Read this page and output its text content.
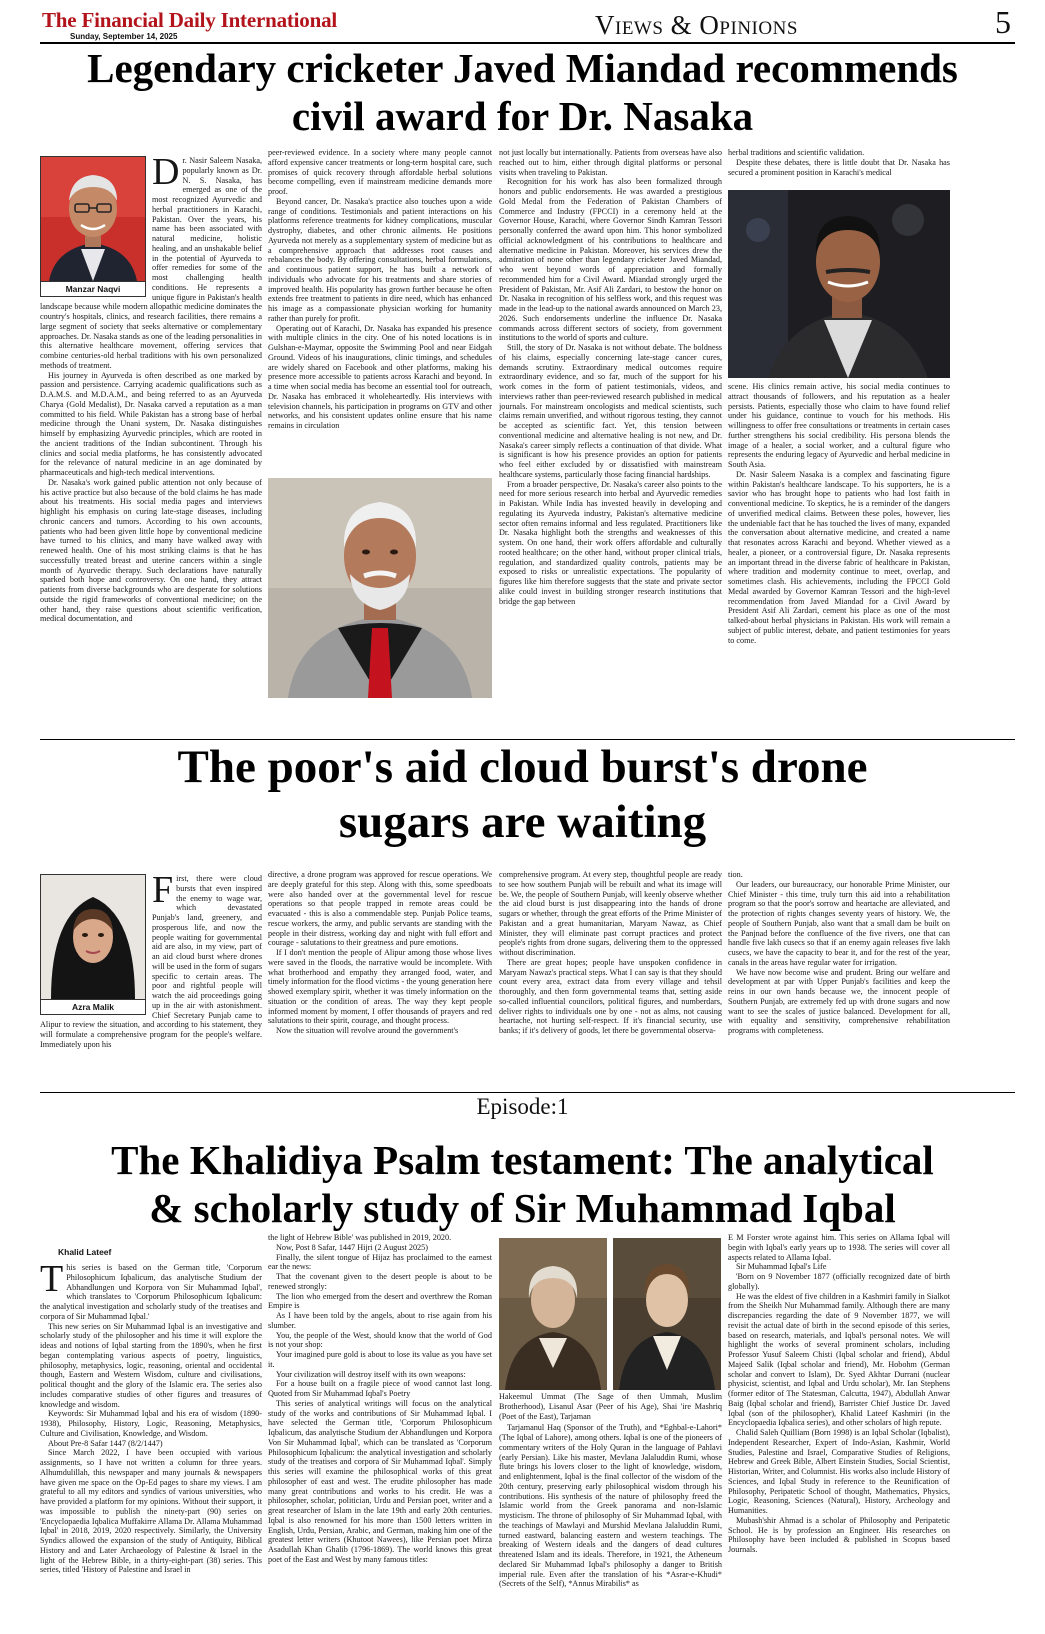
The Financial Daily International
Sunday, September 14, 2025	Views & Opinions	5
Legendary cricketer Javed Miandad recommends
civil award for Dr. Nasaka
Manzar Naqvi
D r. Nasir Saleem Nasaka, popularly known as Dr. N. S. Nasaka, has emerged as one of the most recognized Ayurvedic and herbal practitioners in Karachi, Pakistan. Over the years, his name has been associated with natural medicine, holistic healing, and an unshakable belief in the potential of Ayurveda to offer remedies for some of the most challenging health conditions. He represents a unique figure in Pakistan's health landscape because while modern allopathic medicine dominates the country's hospitals, clinics, and research facilities, there remains a large segment of society that seeks alternative or complementary approaches. Dr. Nasaka stands as one of the leading personalities in this alternative healthcare movement, offering services that combine centuries-old herbal traditions with his own personalized methods of treatment.

His journey in Ayurveda is often described as one marked by passion and persistence. Carrying academic qualifications such as D.A.M.S. and M.D.A.M., and being referred to as an Ayurveda Charya (Gold Medalist), Dr. Nasaka carved a reputation as a man committed to his field. While Pakistan has a strong base of herbal medicine through the Unani system, Dr. Nasaka distinguishes himself by emphasizing Ayurvedic principles, which are rooted in the ancient traditions of the Indian subcontinent. Through his clinics and social media platforms, he has consistently advocated for the relevance of natural medicine in an age dominated by pharmaceuticals and high-tech medical interventions.

Dr. Nasaka's work gained public attention not only because of his active practice but also because of the bold claims he has made about his treatments. His social media pages and interviews highlight his emphasis on curing late-stage diseases, including chronic cancers and tumors. According to his own accounts, patients who had been given little hope by conventional medicine have turned to his clinics, and many have walked away with renewed health. One of his most striking claims is that he has successfully treated breast and uterine cancers within a single month of Ayurvedic therapy. Such declarations have naturally sparked both hope and controversy. On one hand, they attract patients from diverse backgrounds who are desperate for solutions outside the rigid frameworks of conventional medicine; on the other hand, they raise questions about scientific verification, medical documentation, and

peer-reviewed evidence. In a society where many people cannot afford expensive cancer treatments or long-term hospital care, such promises of quick recovery through affordable herbal solutions become compelling, even if mainstream medicine demands more proof.

Beyond cancer, Dr. Nasaka's practice also touches upon a wide range of conditions. Testimonials and patient interactions on his platforms reference treatments for kidney complications, muscular dystrophy, diabetes, and other chronic ailments. He positions Ayurveda not merely as a supplementary system of medicine but as a comprehensive approach that addresses root causes and rebalances the body. By offering consultations, herbal formulations, and continuous patient support, he has built a network of individuals who advocate for his treatments and share stories of improved health. His popularity has grown further because he often extends free treatment to patients in dire need, which has enhanced his image as a compassionate physician working for humanity rather than purely for profit.

Operating out of Karachi, Dr. Nasaka has expanded his presence with multiple clinics in the city. One of his noted locations is in Gulshan-e-Maymar, opposite the Swimming Pool and near Eidgah Ground. Videos of his inaugurations, clinic timings, and schedules are widely shared on Facebook and other platforms, making his presence more accessible to patients across Karachi and beyond. In a time when social media has become an essential tool for outreach, Dr. Nasaka has embraced it wholeheartedly. His interviews with television channels, his participation in programs on GTV and other networks, and his consistent updates online ensure that his name remains in circulation

not just locally but internationally. Patients from overseas have also reached out to him, either through digital platforms or personal visits when traveling to Pakistan.

Recognition for his work has also been formalized through honors and public endorsements. He was awarded a prestigious Gold Medal from the Federation of Pakistan Chambers of Commerce and Industry (FPCCI) in a ceremony held at the Governor House, Karachi, where Governor Sindh Kamran Tessori personally conferred the award upon him. This honor symbolized official acknowledgment of his contributions to healthcare and alternative medicine in Pakistan. Moreover, his services drew the admiration of none other than legendary cricketer Javed Miandad, who went beyond words of appreciation and formally recommended him for a Civil Award. Miandad strongly urged the President of Pakistan, Mr. Asif Ali Zardari, to bestow the honor on Dr. Nasaka in recognition of his selfless work, and this request was made in the lead-up to the national awards announced on March 23, 2026. Such endorsements underline the influence Dr. Nasaka commands across different sectors of society, from government institutions to the world of sports and culture.

Still, the story of Dr. Nasaka is not without debate. The boldness of his claims, especially concerning late-stage cancer cures, demands scrutiny. Extraordinary medical outcomes require extraordinary evidence, and so far, much of the support for his work comes in the form of patient testimonials, videos, and interviews rather than peer-reviewed research published in medical journals. For mainstream oncologists and medical scientists, such claims remain unverified, and without rigorous testing, they cannot be accepted as scientific fact. Yet, this tension between conventional medicine and alternative healing is not new, and Dr. Nasaka's career simply reflects a continuation of that divide. What is significant is how his presence provides an option for patients who feel either excluded by or dissatisfied with mainstream healthcare systems, particularly those facing financial hardships.

From a broader perspective, Dr. Nasaka's career also points to the need for more serious research into herbal and Ayurvedic remedies in Pakistan. While India has invested heavily in developing and regulating its Ayurveda industry, Pakistan's alternative medicine sector often remains informal and less regulated. Practitioners like Dr. Nasaka highlight both the strengths and weaknesses of this system. On one hand, their work offers affordable and culturally rooted healthcare; on the other hand, without proper clinical trials, regulation, and standardized quality controls, patients may be exposed to risks or unrealistic expectations. The popularity of figures like him therefore suggests that the state and private sector alike could invest in building stronger research institutions that bridge the gap between

herbal traditions and scientific validation.

Despite these debates, there is little doubt that Dr. Nasaka has secured a prominent position in Karachi's medical

scene. His clinics remain active, his social media continues to attract thousands of followers, and his reputation as a healer persists. Patients, especially those who claim to have found relief under his guidance, continue to vouch for his methods. His willingness to offer free consultations or treatments in certain cases further strengthens his social credibility. His persona blends the image of a healer, a social worker, and a cultural figure who represents the enduring legacy of Ayurvedic and herbal medicine in South Asia.

Dr. Nasir Saleem Nasaka is a complex and fascinating figure within Pakistan's healthcare landscape. To his supporters, he is a savior who has brought hope to patients who had lost faith in conventional medicine. To skeptics, he is a reminder of the dangers of unverified medical claims. Between these poles, however, lies the undeniable fact that he has touched the lives of many, expanded the conversation about alternative medicine, and created a name that resonates across Karachi and beyond. Whether viewed as a healer, a pioneer, or a controversial figure, Dr. Nasaka represents an important thread in the diverse fabric of healthcare in Pakistan, where tradition and modernity continue to meet, overlap, and sometimes clash. His achievements, including the FPCCI Gold Medal awarded by Governor Kamran Tessori and the high-level recommendation from Javed Miandad for a Civil Award by President Asif Ali Zardari, cement his place as one of the most talked-about herbal physicians in Pakistan. His work will remain a subject of public interest, debate, and patient testimonies for years to come.

The poor's aid cloud burst's drone
sugars are waiting
Azra Malik
F irst, there were cloud bursts that even inspired the enemy to wage war, which devastated Punjab's land, greenery, and prosperous life, and now the people waiting for governmental aid are also, in my view, part of an aid cloud burst where drones will be used in the form of sugars specific to certain areas. The poor and rightful people will watch the aid proceedings going up in the air with astonishment. Chief Secretary Punjab came to Alipur to review the situation, and according to his statement, they will formulate a comprehensive program for the people's welfare. Immediately upon his

directive, a drone program was approved for rescue operations. We are deeply grateful for this step. Along with this, some speedboats were also handed over at the governmental level for rescue operations so that people trapped in remote areas could be evacuated - this is also a commendable step. Punjab Police teams, rescue workers, the army, and public servants are standing with the people in their distress, working day and night with full effort and courage - salutations to their greatness and pure emotions.

If I don't mention the people of Alipur among those whose lives were saved in the floods, the narrative would be incomplete. With what brotherhood and empathy they arranged food, water, and timely information for the flood victims - the young generation here showed exemplary spirit, whether it was timely information on the situation or the condition of areas. The way they kept people informed moment by moment, I offer thousands of prayers and red salutations to their spirit, courage, and thought process.

Now the situation will revolve around the government's

comprehensive program. At every step, thoughtful people are ready to see how southern Punjab will be rebuilt and what its image will be. We, the people of Southern Punjab, will keenly observe whether the aid cloud burst is just disappearing into the hands of drone sugars or whether, through the great efforts of the Prime Minister of Pakistan and a great humanitarian, Maryam Nawaz, as Chief Minister, they will eliminate past corrupt practices and protect people's rights from drone sugars, delivering them to the oppressed without discrimination.

There are great hopes; people have unspoken confidence in Maryam Nawaz's practical steps. What I can say is that they should count every area, extract data from every village and tehsil thoroughly, and then form governmental teams that, setting aside so-called influential councilors, political figures, and numberdars, deliver rights to individuals one by one - not as alms, not causing heartache, not hurting self-respect. If it's financial security, use banks; if it's delivery of goods, let there be governmental observa-

tion.

Our leaders, our bureaucracy, our honorable Prime Minister, our Chief Minister - this time, truly turn this aid into a rehabilitation program so that the poor's sorrow and heartache are alleviated, and the protection of rights changes seventy years of history. We, the people of Southern Punjab, also want that a small dam be built on the Panjnad before the confluence of the five rivers, one that can handle five lakh cusecs so that if an enemy again releases five lakh cusecs, we have the capacity to bear it, and for the rest of the year, canals in the areas have regular water for irrigation.

We have now become wise and prudent. Bring our welfare and development at par with Upper Punjab's facilities and keep the reins in our own hands because we, the innocent people of Southern Punjab, are extremely fed up with drone sugars and now want to see the scales of justice balanced. Development for all, with equality and sensitivity, comprehensive rehabilitation programs with completeness.

Episode:1
The Khalidiya Psalm testament: The analytical
& scholarly study of Sir Muhammad Iqbal
Khalid Lateef
T his series is based on the German title, 'Corporum Philosophicum Iqbalicum, das analytische Studium der Abhandlungen und Korpora von Sir Muhammad Iqbal', which translates to 'Corporum Philosophicum Iqbalicum: the analytical investigation and scholarly study of the treatises and corpora of Sir Muhammad Iqbal.'

This new series on Sir Muhammad Iqbal is an investigative and scholarly study of the philosopher and his time it will explore the ideas and notions of Iqbal starting from the 1890's, when he first began contemplating various aspects of poetry, linguistics, philosophy, metaphysics, logic, reasoning, oriental and occidental though, Eastern and Western Wisdom, culture and civilisations, political thought and the glory of the Islamic era. The series also includes comparative studies of other figures and treasures of knowledge and wisdom.

Keywords: Sir Muhammad Iqbal and his era of wisdom (1890-1938), Philosophy, History, Logic, Reasoning, Metaphysics, Culture and Civilisation, Knowledge, and Wisdom.

About Pre-8 Safar 1447 (8/2/1447)

Since March 2022, I have been occupied with various assignments, so I have not written a column for three years. Alhumdulillah, this newspaper and many journals & newspapers have given me space on the Op-Ed pages to share my views. I am grateful to all my editors and syndics of various universities, who have provided a platform for my opinions. Without their support, it was impossible to publish the ninety-part (90) series on 'Encyclopaedia Iqbalica Muffakirre Allama Dr. Allama Muhammad Iqbal' in 2018, 2019, 2020 respectively. Similarly, the University Syndics allowed the expansion of the study of Antiquity, Biblical History and and Later Archaeology of Palestine & Israel in the light of the Hebrew Bible, in a thirty-eight-part (38) series. This series, titled 'History of Palestine and Israel in

the light of Hebrew Bible' was published in 2019, 2020.

Now, Post 8 Safar, 1447 Hijri (2 August 2025)

Finally, the silent tongue of Hijaz has proclaimed to the earnest ear the news:

That the covenant given to the desert people is about to be renewed strongly:

The lion who emerged from the desert and overthrew the Roman Empire is

As I have been told by the angels, about to rise again from his slumber.

You, the people of the West, should know that the world of God is not your shop:

Your imagined pure gold is about to lose its value as you have set it.

Your civilization will destroy itself with its own weapons:

For a house built on a fragile piece of wood cannot last long. Quoted from Sir Muhammad Iqbal's Poetry

This series of analytical writings will focus on the analytical study of the works and contributions of Sir Muhammad Iqbal. I have selected the German title, 'Corporum Philosophicum Iqbalicum, das analytische Studium der Abhandlungen und Korpora Von Sir Muhammad Iqbal', which can be translated as 'Corporum Philosophicum Iqbalicum: the analytical investigation and scholarly study of the treatises and corpora of Sir Muhammad Iqbal'. Simply this series will examine the philosophical works of this great philosopher of east and west. The erudite philosopher has made many great contributions and works to his credit. He was a philosopher, scholar, politician, Urdu and Persian poet, writer and a great researcher of Islam in the late 19th and early 20th centuries. Iqbal is also renowned for his more than 1500 letters written in English, Urdu, Persian, Arabic, and German, making him one of the greatest letter writers (Khutoot Nawees), like Persian poet Mirza Asadullah Khan Ghalib (1796-1869). The world knows this great poet of the East and West by many famous titles:

Hakeemul Ummat (The Sage of then Ummah, Muslim Brotherhood), Lisanul Asar (Peer of his Age), Shai 'ire Mashriq (Poet of the East), Tarjaman

Tarjamanul Haq (Sponsor of the Truth), and *Eghbal-e-Lahori* (The Iqbal of Lahore), among others. Iqbal is one of the pioneers of commentary writers of the Holy Quran in the language of Pahlavi (early Persian). Like his master, Mevlana Jalaluddin Rumi, whose flute brings his lovers closer to the light of knowledge, wisdom, and enlightenment, Iqbal is the final collector of the wisdom of the 20th century, preserving early philosophical wisdom through his contributions. His synthesis of the nature of philosophy freed the Islamic world from the Greek panorama and non-Islamic mysticism. The throne of philosophy of Sir Muhammad Iqbal, with the teachings of Mawlayi and Murshid Mevlana Jalaluddin Rumi, turned eastward, balancing eastern and western teachings. The breaking of Western ideals and the dangers of dead cultures threatened Islam and its ideals. Therefore, in 1921, the Atheneum declared Sir Muhammad Iqbal's philosophy a danger to British imperial rule. Even after the translation of his *Asrar-e-Khudi* (Secrets of the Self), *Annus Mirabilis* as

E M Forster wrote against him. This series on Allama Iqbal will begin with Iqbal's early years up to 1938. The series will cover all aspects related to Allama Iqbal.

Sir Muhammad Iqbal's Life

'Born on 9 November 1877 (officially recognized date of birth globally).

He was the eldest of five children in a Kashmiri family in Sialkot from the Sheikh Nur Muhammad family. Although there are many discrepancies regarding the date of 9 November 1877, we will revisit the actual date of birth in the second episode of this series, based on research, materials, and Iqbal's personal notes. We will highlight the works of several prominent scholars, including Professor Yusuf Saleem Chisti (Iqbal scholar and friend), Abdul Majeed Salik (Iqbal scholar and friend), Mr. Hobohm (German scholar and convert to Islam), Dr. Syed Akhtar Durrani (nuclear physicist, scientist, and Iqbal and Urdu scholar), Mr. Ian Stephens (former editor of The Statesman, Calcutta, 1947), Abdullah Anwar Baig (Iqbal scholar and friend), Barrister Chief Justice Dr. Javed Iqbal (son of the philosopher), Khalid Lateef Kashmiri (in the Encyclopaedia Iqbalica series), and other scholars of high repute.

Chalid Saleh Quilliam (Born 1998) is an Iqbal Scholar (Iqbalist), Independent Researcher, Expert of Indo-Asian, Kashmir, World Studies, Palestine and Israel, Comparative Studies of Religions, Hebrew and Greek Bible, Albert Einstein Studies, Social Scientist, Historian, Writer, and Columnist. His works also include History of Sciences, and Iqbal Study in reference to the Reunification of Philosophy, Peripatetic School of thought, Mathematics, Physics, Logic, Reasoning, Sciences (Natural), History, Archeology and Humanities.

Mubash'shir Ahmad is a scholar of Philosophy and Peripatetic School. He is by profession an Engineer. His researches on Philosophy have been included & published in Scopus based Journals.
